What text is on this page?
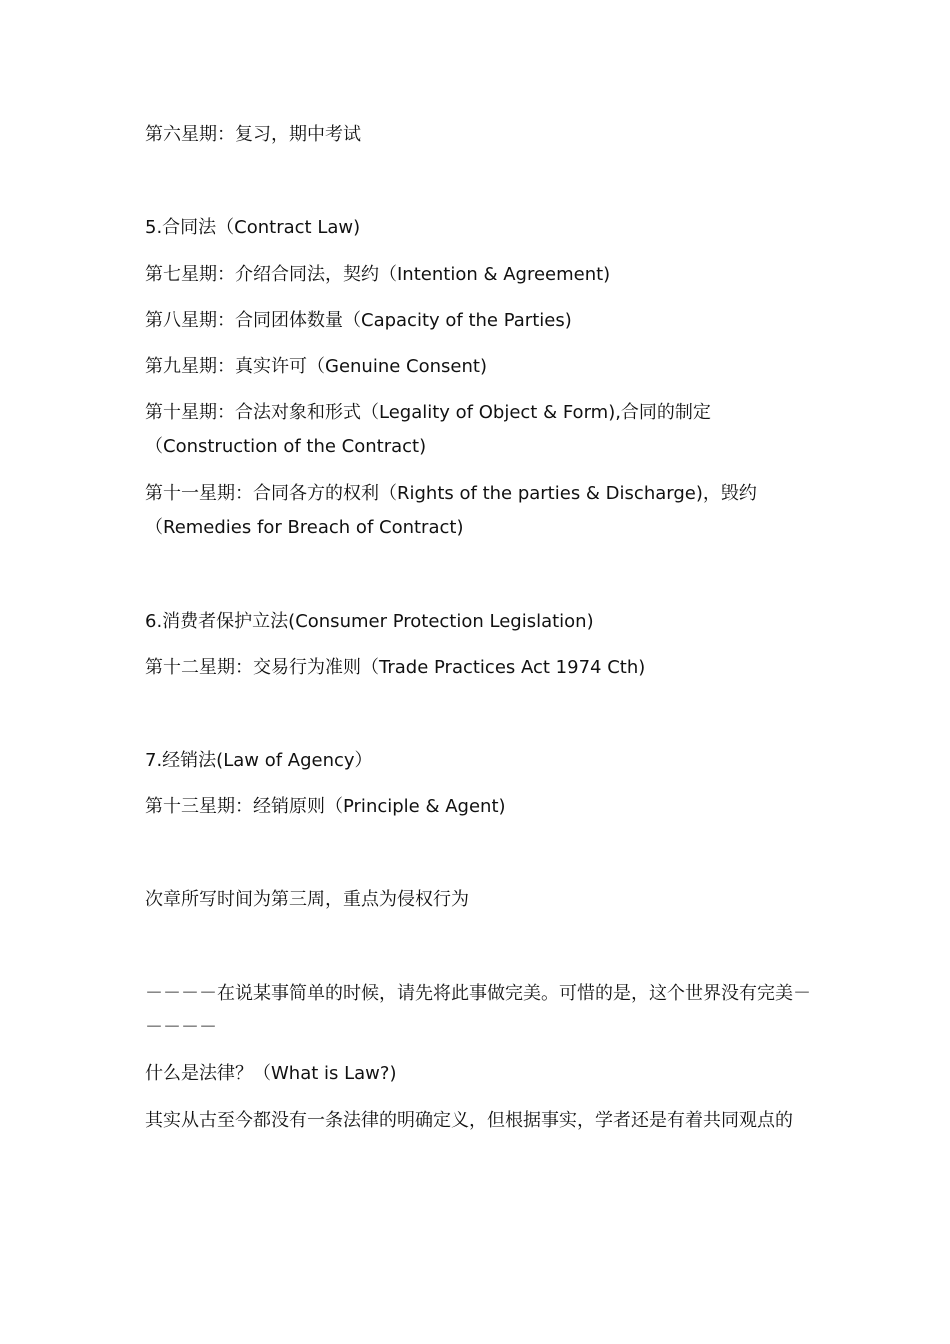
第六星期：复习，期中考试
5.合同法（Contract Law)
第七星期：介绍合同法，契约（Intention & Agreement)
第八星期：合同团体数量（Capacity of the Parties)
第九星期：真实许可（Genuine Consent)
第十星期：合法对象和形式（Legality of Object & Form),合同的制定（Construction of the Contract)
第十一星期：合同各方的权利（Rights of the parties & Discharge)，毁约（Remedies for Breach of Contract)
6.消费者保护立法(Consumer Protection Legislation)
第十二星期：交易行为准则（Trade Practices Act 1974 Cth)
7.经销法(Law of Agency）
第十三星期：经销原则（Principle & Agent)
次章所写时间为第三周，重点为侵权行为
－－－－在说某事简单的时候，请先将此事做完美。可惜的是，这个世界没有完美－－－－－
什么是法律？（What is Law?)
其实从古至今都没有一条法律的明确定义，但根据事实，学者还是有着共同观点的
